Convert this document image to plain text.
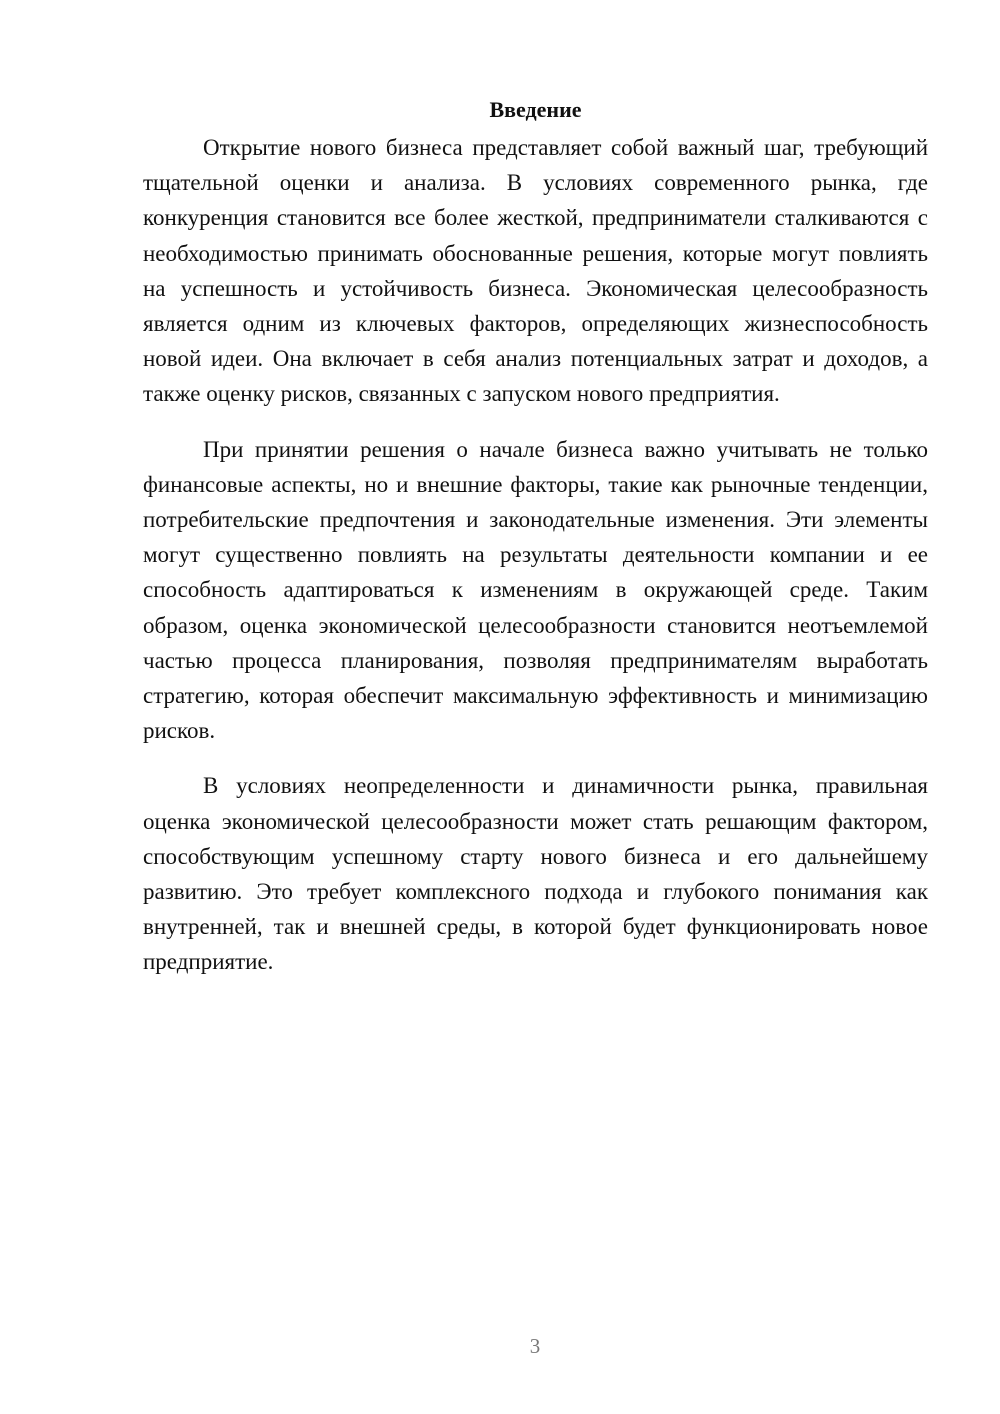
Введение

Открытие нового бизнеса представляет собой важный шаг, требующий тщательной оценки и анализа. В условиях современного рынка, где конкуренция становится все более жесткой, предприниматели сталкиваются с необходимостью принимать обоснованные решения, которые могут повлиять на успешность и устойчивость бизнеса. Экономическая целесообразность является одним из ключевых факторов, определяющих жизнеспособность новой идеи. Она включает в себя анализ потенциальных затрат и доходов, а также оценку рисков, связанных с запуском нового предприятия.

При принятии решения о начале бизнеса важно учитывать не только финансовые аспекты, но и внешние факторы, такие как рыночные тенденции, потребительские предпочтения и законодательные изменения. Эти элементы могут существенно повлиять на результаты деятельности компании и ее способность адаптироваться к изменениям в окружающей среде. Таким образом, оценка экономической целесообразности становится неотъемлемой частью процесса планирования, позволяя предпринимателям выработать стратегию, которая обеспечит максимальную эффективность и минимизацию рисков.

В условиях неопределенности и динамичности рынка, правильная оценка экономической целесообразности может стать решающим фактором, способствующим успешному старту нового бизнеса и его дальнейшему развитию. Это требует комплексного подхода и глубокого понимания как внутренней, так и внешней среды, в которой будет функционировать новое предприятие.

3
